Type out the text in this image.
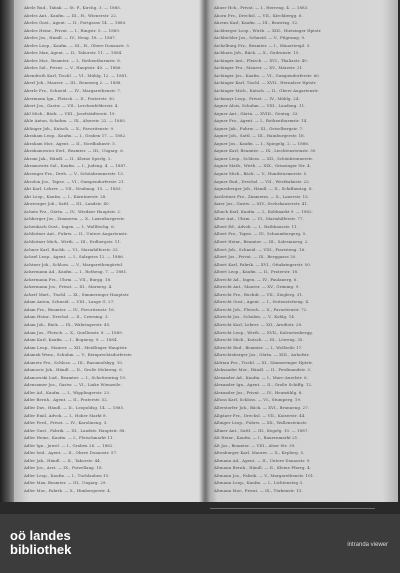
Abele Rud., Tabak. — St. P., Kirchg. 3. — 1885.
Abeles Ant., Kaufm. — III., H., Wienerstr. 22.
Abeles Gust., Agent. — II., Fortgasse 14. — 1880.
Abeles Heinr., Privat. — I., Ringstr. 5. — 1889.
Abeles Jos., Handl. — IV., Neug. 18. — 1887.
Abeles Leop., Kaufm. — III., H., Obere Donaustr. 3.
Abeles Max, Agent. — II., Taborstr. 11. — 1884.
Abeles Mor., Beamter. — I., Rothenthurmstr. 8.
Abeles Sal., Privat. — V., Hauptstr. 40. — 1886.
Abendroth Karl, Tischl. — VI., Mühlg. 12. — 1881.
Aberl Joh., Maurer. — III., Rennweg 2. — 1888.
Aberle Frz., Schneid. — IV., Margarethenstr. 7.
Abermann Ign., Fleisch. — II., Praterstr. 30.
Abert Jos., Gastw. — VII., Lerchenfelderstr. 4.
Abl Mich., Bäck. — VIII., Josefstädterstr. 19.
Able Anton, Schuhm. — IX., Alserstr. 22. — 1885.
Ablinger Joh., Kutsch. — X., Favoritenstr. 9.
Abraham Leop., Kaufm. — I., Graben 17. — 1882.
Abraham Mor., Agent. — II., Nordbahnstr. 5.
Abrahamowicz Stef., Beamter. — III., Ungarg. 6.
Abram Jak., Händl. — II., Kleine Sperlg. 2.
Abramowitz Sal., Kaufm. — I., Judeng. 4. — 1887.
Absenger Frz., Dreh. — V., Schönbrunnerstr. 13.
Absolon Jos., Tapez. — VI., Gumpendorferstr. 21.
Abt Karl, Lehrer. — VII., Neubaug. 15. — 1883.
Abt Leop., Kaufm. — I., Kärntnerstr. 28.
Abwerzger Joh., Sattl. — III., Landstr. 40.
Achatz Frz., Gärtn. — IV., Wiedner Hauptstr. 2.
Achberger Jos., Zimmerm. — X., Laxenburgerstr.
Achenbach Gust., Ingen. — I., Wallfischg. 6.
Achleitner Ant., Fuhrw. — II., Untere Augartenstr.
Achleitner Mich., Wirth. — III., Erdbergstr. 11.
Achner Karl, Buchb. — VI., Mariahilferstr. 33.
Achsel Leop., Agent. — I., Salzgries 12. — 1886.
Achtner Joh., Schloss. — V., Margarethengürtel.
Ackermann Ad., Kaufm. — I., Rotheng. 7. — 1881.
Ackermann Frz., Uhrm. — VII., Burgg. 18.
Ackermann Jos., Privat. — III., Marxerg. 4.
Ackerl Mart., Tischl. — XI., Simmeringer Hauptstr.
Adam Anton, Schneid. — VIII., Lange G. 27.
Adam Frz., Beamter. — IV., Favoritenstr. 16.
Adam Heinr., Drechsl. — II., Czerning. 3.
Adam Joh., Bäck. — IX., Währingerstr. 45.
Adam Jos., Fleisch. — X., Quellenstr. 8. — 1889.
Adam Karl, Kaufm. — I., Bognerg. 9. — 1884.
Adam Leop., Maurer. — XII., Meidlinger Hauptstr.
Adamek Wenz., Schuhm. — V., Reinprechtsdorferstr.
Adametz Frz., Schloss. — III., Rasumofskyg. 10.
Adamovic Joh., Händl. — II., Große Mohreng. 6.
Adamowski Lud., Beamter. — I., Schottenring 19.
Adensamer Jos., Gastw. — VI., Linke Wienzeile.
Adler Ad., Kaufm. — I., Wipplingerstr. 23.
Adler Bernh., Agent. — II., Praterstr. 52.
Adler Dav., Händl. — II., Leopoldsg. 14. — 1885.
Adler Emil, Advok. — I., Hoher Markt 8.
Adler Ferd., Privat. — IV., Karolineng. 3.
Adler Gust., Fabrik. — III., Landstr. Hauptstr. 88.
Adler Heinr., Kaufm. — I., Fleischmarkt 11.
Adler Ign., Juwel. — I., Graben 26. — 1882.
Adler Isid., Agent. — II., Obere Donaustr. 57.
Adler Jak., Händl. — II., Taborstr. 44.
Adler Jos., Arzt. — IX., Porzellang. 18.
Adler Leop., Kaufm. — I., Tuchlauben 15.
Adler Max, Beamter. — III., Ungarg. 29.
Adler Mor., Fabrik. — X., Himbergerstr. 4.
Ahner Hch., Privat. — I., Herreng. 4. — 1883.
Ahorn Frz., Drechsl. — VII., Kirchbergg. 6.
Ahrens Karl, Kaufm. — III., Beatrixg. 12.
Aichberger Leop., Wirth. — XIII., Hietzinger Hptstr.
Aichbichler Jos., Schneid. — V., Pilgramg. 9.
Aichelburg Frz., Beamter. — I., Minoritenpl. 3.
Aichhorn Joh., Bäck. — X., Gudrunstr. 15.
Aichinger Ant., Fleisch. — XVI., Thaliastr. 40.
Aichinger Frz., Maurer. — XV., Märzstr. 21.
Aichinger Jos., Kaufm. — VI., Gumpendorferstr. 60.
Aichinger Karl, Tischl. — XVII., Hernalser Hptstr.
Aichinger Mich., Kutsch. — II., Obere Augartenstr.
Aichmayr Leop., Privat. — IV., Mühlg. 24.
Aigner Alois, Schuhm. — VIII., Laudong. 11.
Aigner Ant., Gärtn. — XVIII., Gentzg. 33.
Aigner Frz., Agent. — I., Rothenthurmstr. 14.
Aigner Jak., Fuhrw. — XI., Geiselbergstr. 7.
Aigner Joh., Sattl. — III., Hainburgerstr. 18.
Aigner Jos., Kaufm. — I., Spiegelg. 2. — 1886.
Aigner Karl, Beamter. — IX., Liechtensteinstr. 30.
Aigner Leop., Schloss. — XII., Schönbrunnerstr.
Aigner Math., Wirth. — XIX., Grinzinger Str. 4.
Aigner Mich., Bäck. — V., Hundsturmerstr. 5.
Aigner Rud., Drechsl. — VII., Westbahnstr. 22.
Aignesberger Joh., Händl. — II., Schiffamtsg. 8.
Aistleitner Frz., Zimmerm. — X., Laaerstr. 13.
Aixer Jos., Gastw. — XIV., Sechshauserstr. 41.
Albach Karl, Kaufm. — I., Kohlmarkt 9. — 1882.
Alber Ant., Uhrm. — VI., Mariahilferstr. 77.
Albert Ed., Advok. — I., Rathhausstr. 11.
Albert Frz., Tapez. — IV., Schaumburgerg. 5.
Albert Heinr., Beamter. — III., Salesianerg. 2.
Albert Joh., Schneid. — VIII., Piaristeng. 16.
Albert Jos., Privat. — IX., Berggasse 20.
Albert Karl, Fabrik. — XVI., Ottakringerstr. 50.
Albert Leop., Kaufm. — II., Praterstr. 18.
Albrecht Ad., Ingen. — IV., Paulanerg. 6.
Albrecht Ant., Maurer. — XV., Grimmg. 9.
Albrecht Frz., Buchdr. — VII., Zieglerg. 31.
Albrecht Gust., Agent. — I., Seitenstetteng. 4.
Albrecht Joh., Fleisch. — X., Favoritenstr. 72.
Albrecht Jos., Schuhm. — V., Kohlg. 14.
Albrecht Karl, Lehrer. — XII., Arndtstr. 28.
Albrecht Leop., Wirth. — XVII., Kalvarienbergg.
Albrecht Mich., Kutsch. — III., Löweng. 35.
Albrecht Rud., Beamter. — I., Wollzeile 17.
Albrechtsberger Jos., Gärtn. — XIII., Auhofstr.
Aldrian Frz., Tischl. — XI., Simmeringer Hptstr.
Aleksander Mor., Händl. — II., Ferdinandstr. 3.
Alexander Ad., Kaufm. — I., Marc-Aurelstr. 6.
Alexander Ign., Agent. — II., Große Schiffg. 12.
Alexander Jos., Privat. — IV., Heumühlg. 8.
Alfons Karl, Schloss. — VI., Stumperg. 19.
Allerstorfer Joh., Bäck. — XVI., Brunneng. 27.
Allgäuer Frz., Drechsl. — VII., Kaiserstr. 44.
Allinger Leop., Fuhrw. — XX., Wallensteinstr.
Allmer Ant., Sattl. — III., Kegelg. 10. — 1887.
Alt Heinr., Kaufm. — I., Bauernmarkt 21.
Alt Jos., Beamter. — VIII., Alser Str. 39.
Altenburger Karl, Maurer. — X., Keplerg. 5.
Altmann Ad., Agent. — II., Untere Donaustr. 9.
Altmann Bernh., Händl. — II., Kleine Pfarrg. 4.
Altmann Jos., Fabrik. — V., Margarethenstr. 101.
Altmann Leop., Kaufm. — I., Lichtensteg 3.
Altmann Mor., Privat. — IX., Türkenstr. 15.
oö landes
bibliothek	intranda viewer
